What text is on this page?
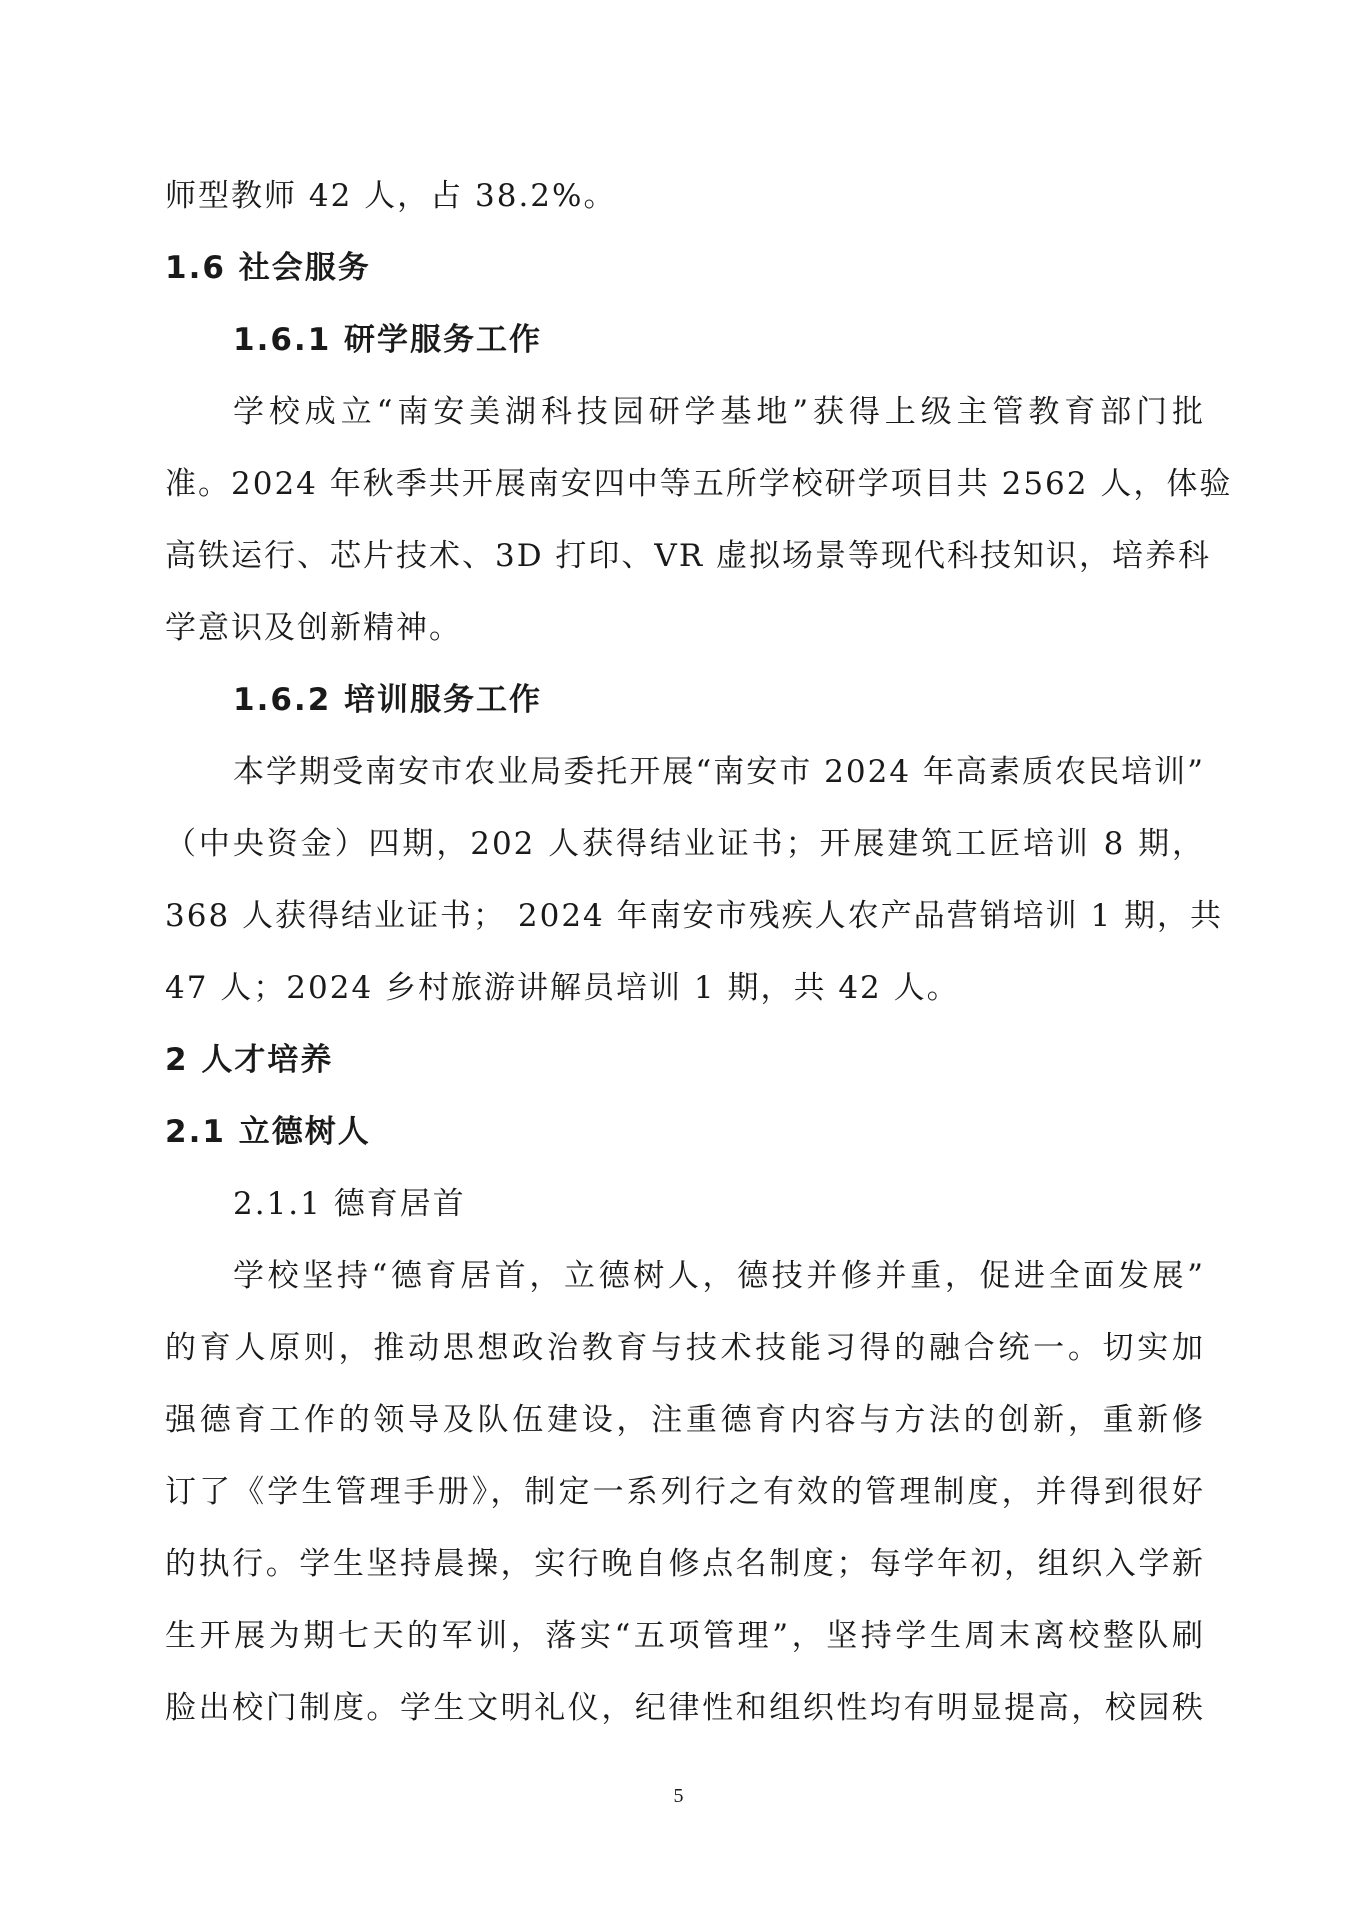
师型教师 42 人，占 38.2%。
1.6 社会服务
1.6.1 研学服务工作
学校成立“南安美湖科技园研学基地”获得上级主管教育部门批
准。2024 年秋季共开展南安四中等五所学校研学项目共 2562 人，体验
高铁运行、芯片技术、3D 打印、VR 虚拟场景等现代科技知识，培养科
学意识及创新精神。
1.6.2 培训服务工作
本学期受南安市农业局委托开展“南安市 2024 年高素质农民培训”
（中央资金）四期，202 人获得结业证书；开展建筑工匠培训 8 期，
368 人获得结业证书； 2024 年南安市残疾人农产品营销培训 1 期，共
47 人；2024 乡村旅游讲解员培训 1 期，共 42 人。
2 人才培养
2.1 立德树人
2.1.1 德育居首
学校坚持“德育居首，立德树人，德技并修并重，促进全面发展”
的育人原则，推动思想政治教育与技术技能习得的融合统一。切实加
强德育工作的领导及队伍建设，注重德育内容与方法的创新，重新修
订了《学生管理手册》，制定一系列行之有效的管理制度，并得到很好
的执行。学生坚持晨操，实行晚自修点名制度；每学年初，组织入学新
生开展为期七天的军训，落实“五项管理”，坚持学生周末离校整队刷
脸出校门制度。学生文明礼仪，纪律性和组织性均有明显提高，校园秩
5
